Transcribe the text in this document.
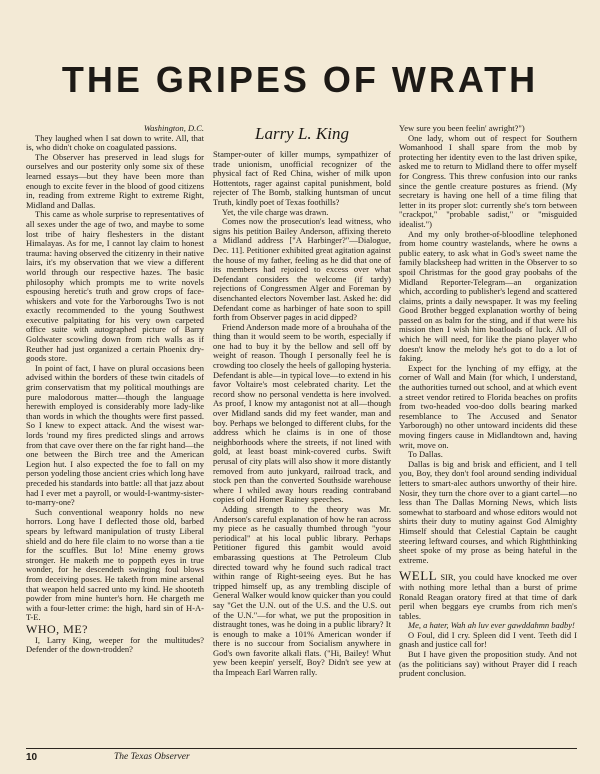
THE GRIPES OF WRATH

Washington, D.C.

They laughed when I sat down to write. All, that is, who didn't choke on coagulated passions.

The Observer has preserved in lead slugs for ourselves and our posterity only some six of these learned essays—but they have been more than enough to excite fever in the blood of good citizens in, reading from extreme Right to extreme Right, Midland and Dallas.

This came as whole surprise to representatives of all sexes under the age of two, and maybe to some lost tribe of hairy fleshesters in the distant Himalayas. As for me, I cannot lay claim to honest trauma: having observed the citizenry in their native lairs, it's my observation that we view a different world through our respective hazes. The basic philosophy which prompts me to write novels espousing heretic's truth and grow crops of face-whiskers and vote for the Yarboroughs Two is not exactly recommended to the young Southwest executive palpitating for his very own carpeted office suite with autographed picture of Barry Goldwater scowling down from rich walls as if Reuther had just organized a certain Phoenix dry-goods store.

In point of fact, I have on plural occasions been advised within the borders of these twin citadels of grim conservatism that my political mouthings are pure malodorous matter—though the language herewith employed is considerably more lady-like than words in which the thoughts were first passed. So I knew to expect attack. And the wisest war-lords 'round my fires predicted slings and arrows from that cave over there on the far right hand—the one between the Birch tree and the American Legion hut. I also expected the foe to fall on my person yodeling those ancient cries which long have preceded his standards into battle: all that jazz about had I ever met a payroll, or would-I-wantmy-sister-to-marry-one?

Such conventional weaponry holds no new horrors. Long have I deflected those old, barbed spears by leftward manipulation of trusty Liberal shield and do here file claim to no worse than a tie for the scuffles. But lo! Mine enemy grows stronger. He maketh me to poppeth eyes in true wonder, for he descendeth swinging foul blows from deceiving poses. He taketh from mine arsenal that weapon held sacred unto my kind. He shooteth powder from mine hunter's horn. He chargeth me with a four-letter crime: the high, hard sin of H-A-T-E.

WHO, ME?

I, Larry King, weeper for the multitudes? Defender of the down-trodden?

Larry L. King

Stamper-outer of killer mumps, sympathizer of trade unionism, unofficial recognizer of the physical fact of Red China, wisher of milk upon Hottentots, rager against capital punishment, bold rejecter of The Bomb, stalking huntsman of uncut Truth, kindly poet of Texas foothills?

Yet, the vile charge was drawn.

Comes now the prosecution's lead witness, who signs his petition Bailey Anderson, affixing thereto a Midland address ["A Harbinger?"—Dialogue, Dec. 11]. Petitioner exhibited great agitation against the house of my father, feeling as he did that one of its members had rejoiced to excess over what Defendant considers the welcome (if tardy) rejections of Congressmen Alger and Foreman by disenchanted electors November last. Asked he: did Defendant come as harbinger of hate soon to spill forth from Observer pages in acid dipped?

Friend Anderson made more of a brouhaha of the thing than it would seem to be worth, especially if one had to buy it by the bellow and sell off by weight of reason. Though I personally feel he is crowding too closely the heels of galloping hysteria. Defendant is able—in typical love—to extend in his favor Voltaire's most celebrated charity. Let the record show no personal vendetta is here involved. As proof, I know my antagonist not at all—though over Midland sands did my feet wander, man and boy. Perhaps we belonged to different clubs, for the address which he claims is in one of those neighborhoods where the streets, if not lined with gold, at least boast mink-covered curbs. Swift perusal of city plats will also show it more distantly removed from auto junkyard, railroad track, and stock pen than the converted Southside warehouse where I whiled away hours reading contraband copies of old Homer Rainey speeches.

Adding strength to the theory was Mr. Anderson's careful explanation of how he ran across my piece as he casually thumbed through "your periodical" at his local public library. Perhaps Petitioner figured this gambit would avoid embarassing questions at The Petroleum Club directed toward why he found such radical tract within range of Right-seeing eyes. But he has tripped himself up, as any trembling disciple of General Walker would know quicker than you could say "Get the U.N. out of the U.S. and the U.S. out of the U.N."—for what, we put the proposition in distraught tones, was he doing in a public library? It is enough to make a 101% American wonder if there is no succour from Socialism anywhere in God's own favorite alkali flats. ("Hi, Bailey! Whut yew been keepin' yerself, Boy? Didn't see yew at tha Impeach Earl Warren rally.

Yew sure you been feelin' awright?")

One lady, whom out of respect for Southern Womanhood I shall spare from the mob by protecting her identity even to the last driven spike, asked me to return to Midland there to offer myself for Congress. This threw confusion into our ranks since the gentle creature postures as friend. (My secretary is having one hell of a time filing that letter in its proper slot: currently she's torn between "crackpot," "probable sadist," or "misguided idealist.")

And my only brother-of-bloodline telephoned from home country wastelands, where he owns a public eatery, to ask what in God's sweet name the family blacksheep had written in the Observer to so spoil Christmas for the good gray poobahs of the Midland Reporter-Telegram—an organization which, according to publisher's legend and scattered claims, prints a daily newspaper. It was my feeling Good Brother begged explanation worthy of being passed on as balm for the sting, and if that were his mission then I wish him boatloads of luck. All of which he will need, for like the piano player who doesn't know the melody he's got to do a lot of faking.

Expect for the lynching of my effigy, at the corner of Wall and Main (for which, I understand, the authorities turned out school, and at which event a street vendor retired to Florida beaches on profits from two-headed voo-doo dolls bearing marked resemblance to The Accused and Senator Yarborough) no other untoward incidents did these moving fingers cause in Midlandtown and, having writ, move on.

To Dallas.

Dallas is big and brisk and efficient, and I tell you, Boy, they don't fool around sending individual letters to smart-alec authors unworthy of their hire. Nosir, they turn the chore over to a giant cartel—no less than The Dallas Morning News, which lists somewhat to starboard and whose editors would not shirts their duty to mutiny against God Almighty Himself should that Celestial Captain be caught steering leftward courses, and which Rightthinking sheet spoke of my prose as being hateful in the extreme.

WELL SIR, you could have knocked me over with nothing more lethal than a burst of prime Ronald Reagan oratory fired at that time of dark peril when beggars eye crumbs from rich men's tables.

Me, a hater, Wah ah luv ever gawddahmn badby!

O Foul, did I cry. Spleen did I vent. Teeth did I gnash and justice call for!

But I have given the proposition study. And not (as the politicians say) without Prayer did I reach prudent conclusion.

10	The Texas Observer
